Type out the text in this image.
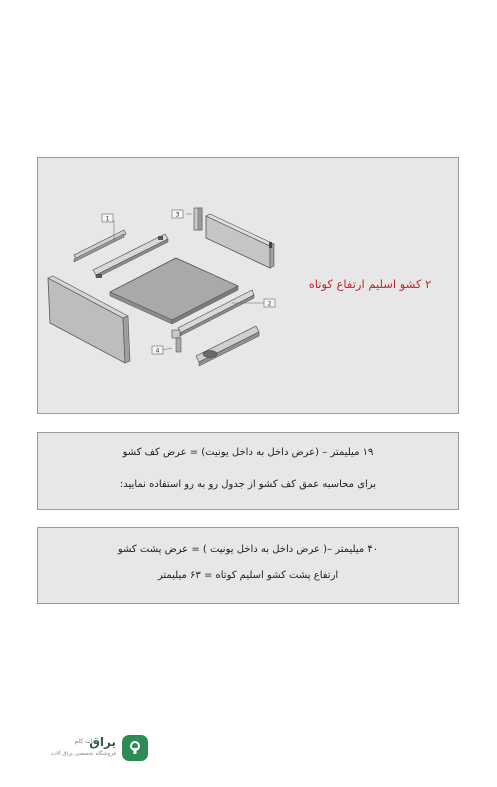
1
2
3
4
۲ کشو اسلیم ارتفاع کوتاه
۱۹ میلیمتر – (عرض داخل به داخل یونیت) = عرض کف کشو
برای محاسبه عمق کف کشو از جدول رو به رو استفاده نمایید:
۴۰ میلیمتر –( عرض داخل به داخل یونیت ) = عرض پشت کشو
ارتفاع پشت کشو اسلیم کوتاه = ۶۳ میلیمتر
یراق
دات کام
فروشگاه تخصصی یراق آلات
